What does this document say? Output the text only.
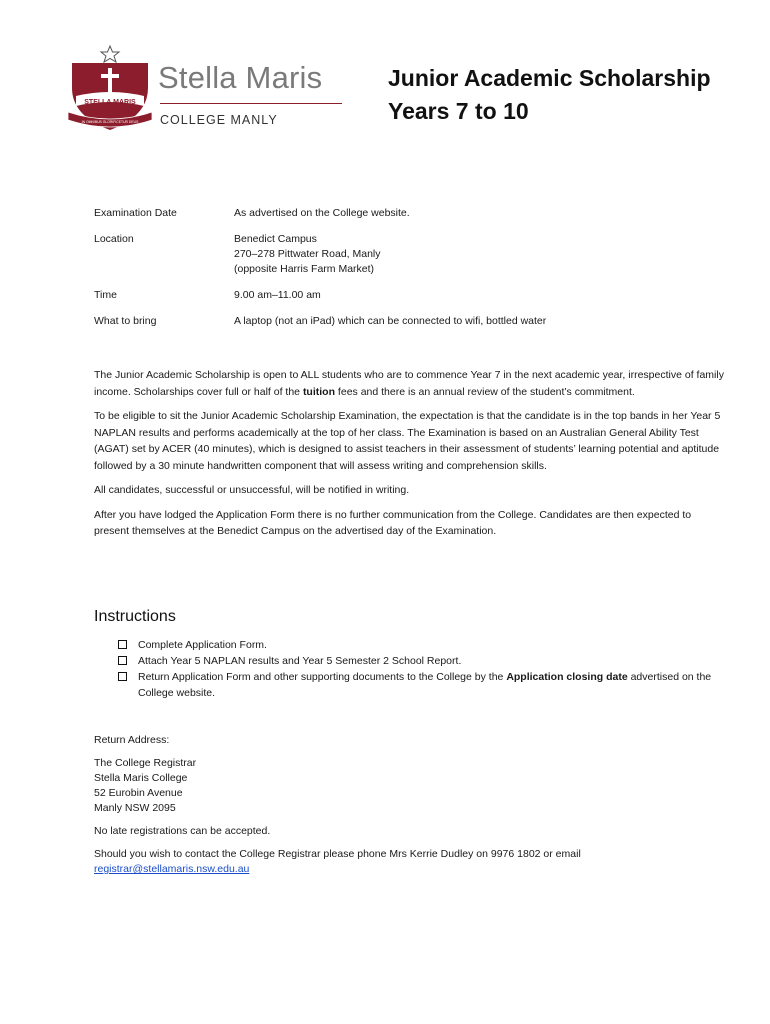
STELLA MARIS
IN OMNIBUS GLORIFICETUR DEUS
Stella Maris
COLLEGE MANLY
Junior Academic Scholarship
Years 7 to 10
Examination Date	As advertised on the College website.
Location	Benedict Campus
270–278 Pittwater Road, Manly
(opposite Harris Farm Market)
Time	9.00 am–11.00 am
What to bring	A laptop (not an iPad) which can be connected to wifi, bottled water

The Junior Academic Scholarship is open to ALL students who are to commence Year 7 in the next academic year, irrespective of family income. Scholarships cover full or half of the tuition fees and there is an annual review of the student’s commitment.

To be eligible to sit the Junior Academic Scholarship Examination, the expectation is that the candidate is in the top bands in her Year 5 NAPLAN results and performs academically at the top of her class. The Examination is based on an Australian General Ability Test (AGAT) set by ACER (40 minutes), which is designed to assist teachers in their assessment of students’ learning potential and aptitude followed by a 30 minute handwritten component that will assess writing and comprehension skills.

All candidates, successful or unsuccessful, will be notified in writing.

After you have lodged the Application Form there is no further communication from the College. Candidates are then expected to present themselves at the Benedict Campus on the advertised day of the Examination.

Instructions
Complete Application Form.
Attach Year 5 NAPLAN results and Year 5 Semester 2 School Report.
Return Application Form and other supporting documents to the College by the Application closing date advertised on the College website.

Return Address:

The College Registrar
Stella Maris College
52 Eurobin Avenue
Manly NSW 2095

No late registrations can be accepted.

Should you wish to contact the College Registrar please phone Mrs Kerrie Dudley on 9976 1802 or email
registrar@stellamaris.nsw.edu.au
